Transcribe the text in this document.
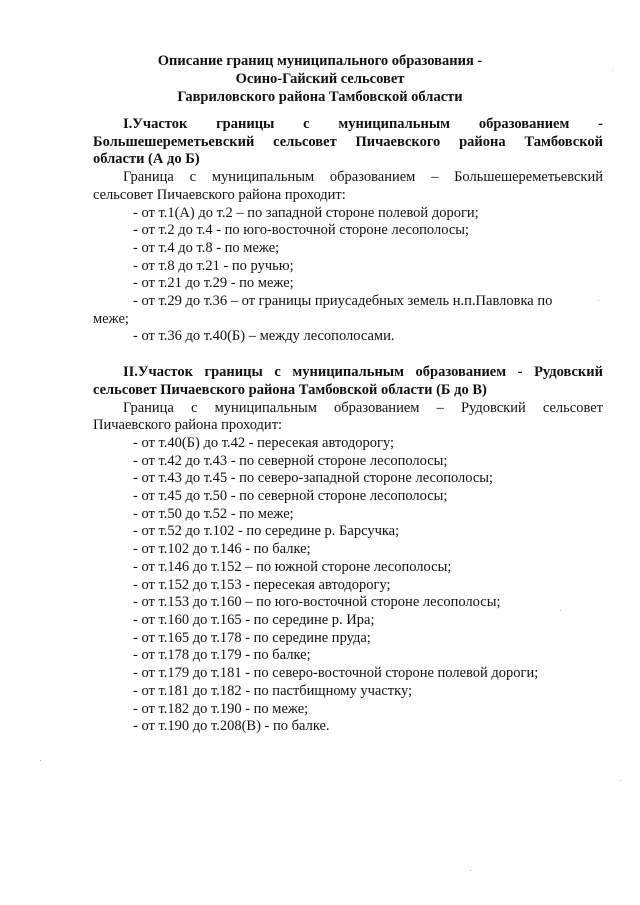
Описание границ муниципального образования -
Осино-Гайский сельсовет
Гавриловского района Тамбовской области
I.Участок границы с муниципальным образованием - Большешереметьевский сельсовет Пичаевского района Тамбовской
области (А до Б)
Граница с муниципальным образованием – Большешереметьевский
сельсовет Пичаевского района проходит:
- от т.1(А) до т.2 – по западной стороне полевой дороги;
- от т.2 до т.4 - по юго-восточной стороне лесополосы;
- от т.4 до т.8 - по меже;
- от т.8 до т.21 - по ручью;
- от т.21 до т.29 - по меже;
- от т.29 до т.36 – от границы приусадебных земель н.п.Павловка по
меже;
- от т.36 до т.40(Б) – между лесополосами.
II.Участок границы с муниципальным образованием - Рудовский
сельсовет Пичаевского района Тамбовской области (Б до В)
Граница с муниципальным образованием – Рудовский сельсовет
Пичаевского района проходит:
- от т.40(Б) до т.42 - пересекая автодорогу;
- от т.42 до т.43 - по северной стороне лесополосы;
- от т.43 до т.45 - по северо-западной стороне лесополосы;
- от т.45 до т.50 - по северной стороне лесополосы;
- от т.50 до т.52 - по меже;
- от т.52 до т.102 - по середине р. Барсучка;
- от т.102 до т.146 - по балке;
- от т.146 до т.152 – по южной стороне лесополосы;
- от т.152 до т.153 - пересекая автодорогу;
- от т.153 до т.160 – по юго-восточной стороне лесополосы;
- от т.160 до т.165 - по середине р. Ира;
- от т.165 до т.178 - по середине пруда;
- от т.178 до т.179 - по балке;
- от т.179 до т.181 - по северо-восточной стороне полевой дороги;
- от т.181 до т.182 - по пастбищному участку;
- от т.182 до т.190 - по меже;
- от т.190 до т.208(В) - по балке.
